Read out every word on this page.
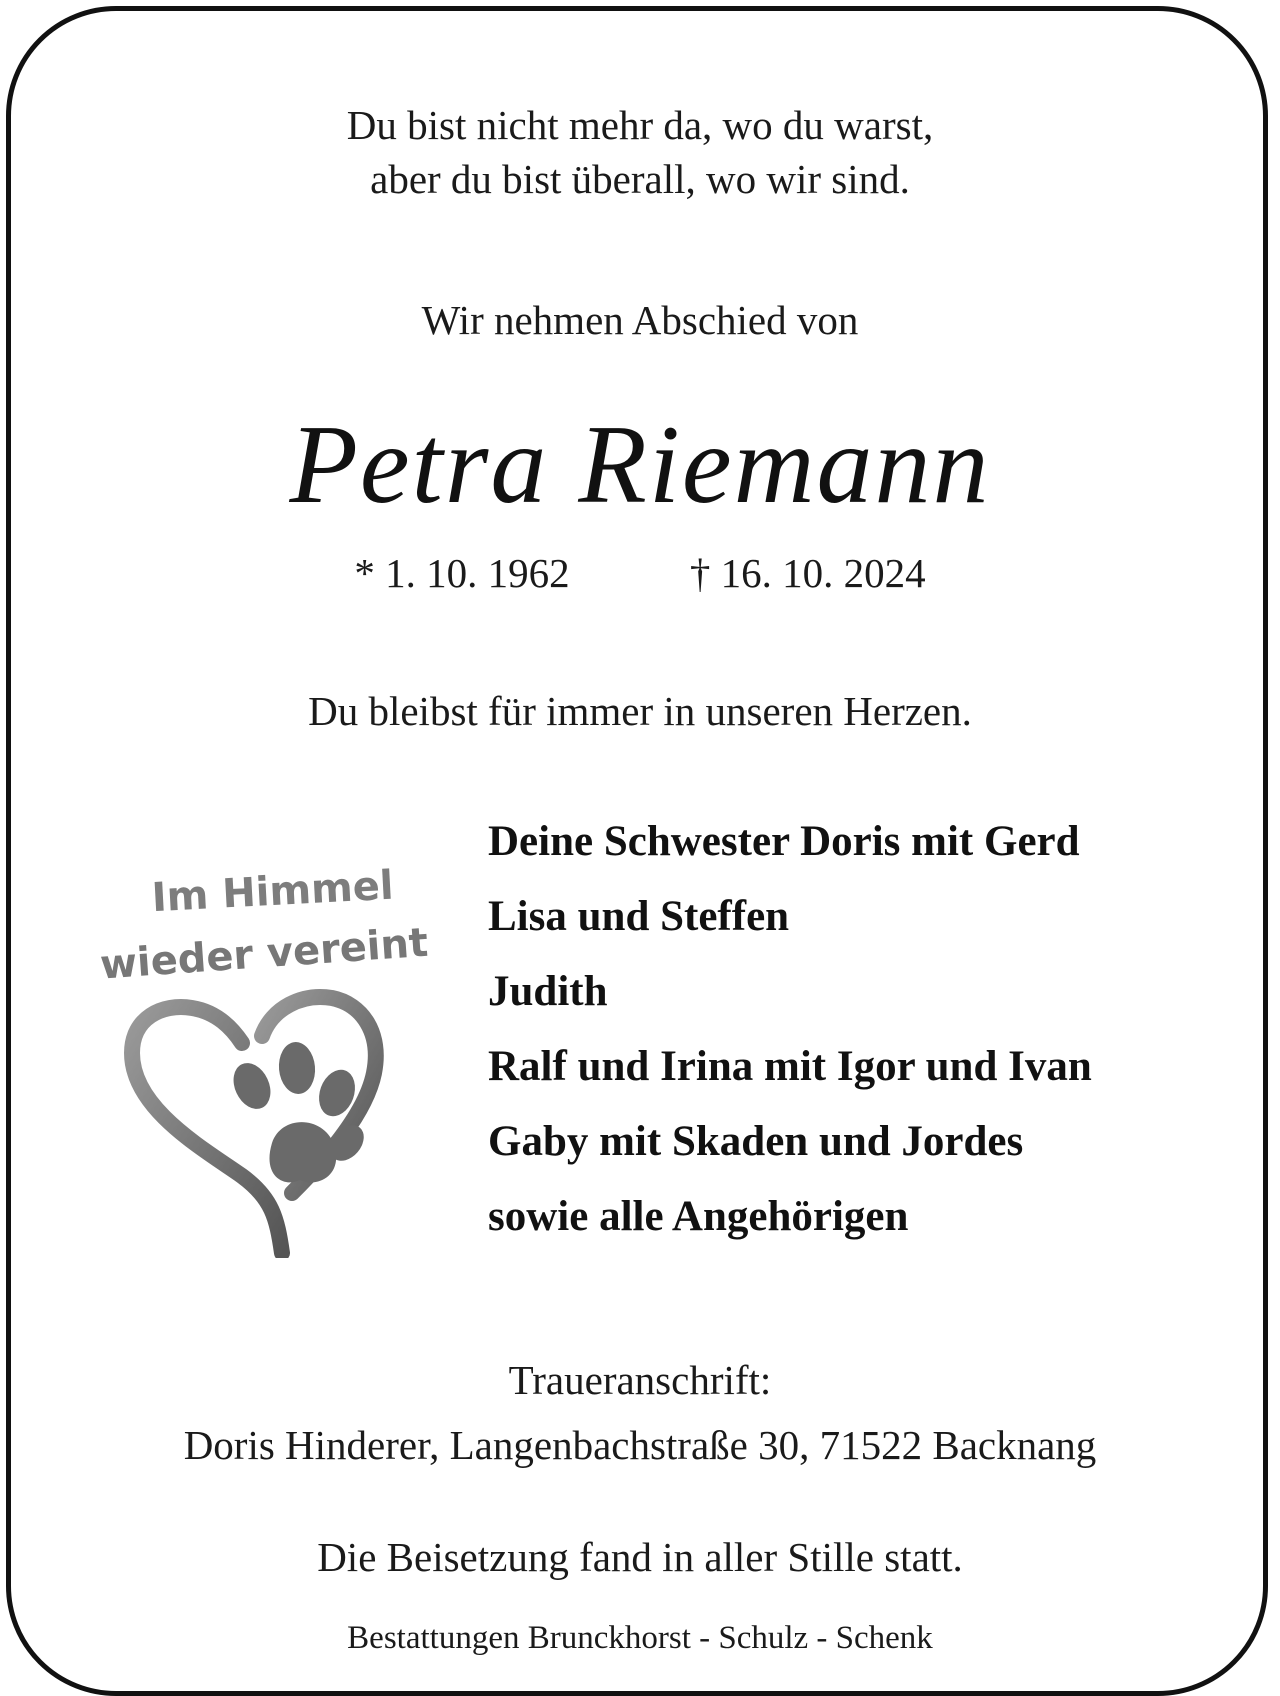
Du bist nicht mehr da, wo du warst,
aber du bist überall, wo wir sind.
Wir nehmen Abschied von
Petra Riemann
* 1. 10. 1962	† 16. 10. 2024
Du bleibst für immer in unseren Herzen.
Im Himmel
wieder vereint
Deine Schwester Doris mit Gerd
Lisa und Steffen
Judith
Ralf und Irina mit Igor und Ivan
Gaby mit Skaden und Jordes
sowie alle Angehörigen
Traueranschrift:
Doris Hinderer, Langenbachstraße 30, 71522 Backnang
Die Beisetzung fand in aller Stille statt.
Bestattungen Brunckhorst - Schulz - Schenk
